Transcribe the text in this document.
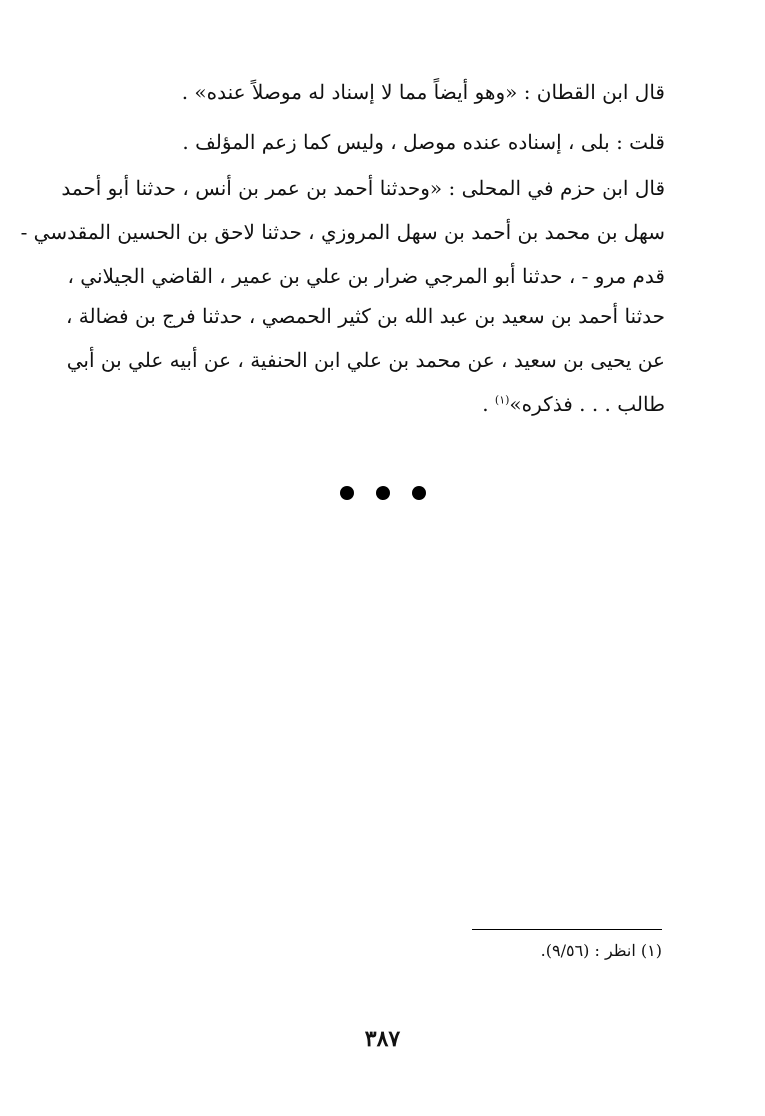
قال ابن القطان : «وهو أيضاً مما لا إسناد له موصلاً عنده» .
قلت : بلى ، إسناده عنده موصل ، وليس كما زعم المؤلف .
قال ابن حزم في المحلى : «وحدثنا أحمد بن عمر بن أنس ، حدثنا أبو أحمد
سهل بن محمد بن أحمد بن سهل المروزي ، حدثنا لاحق بن الحسين المقدسي -
قدم مرو - ، حدثنا أبو المرجي ضرار بن علي بن عمير ، القاضي الجيلاني ،
حدثنا أحمد بن سعيد بن عبد الله بن كثير الحمصي ، حدثنا فرج بن فضالة ،
عن يحيى بن سعيد ، عن محمد بن علي ابن الحنفية ، عن أبيه علي بن أبي
طالب . . . فذكره»$^{(١)}$ .
(١) انظر : (٩/٥٦).
٣٨٧
